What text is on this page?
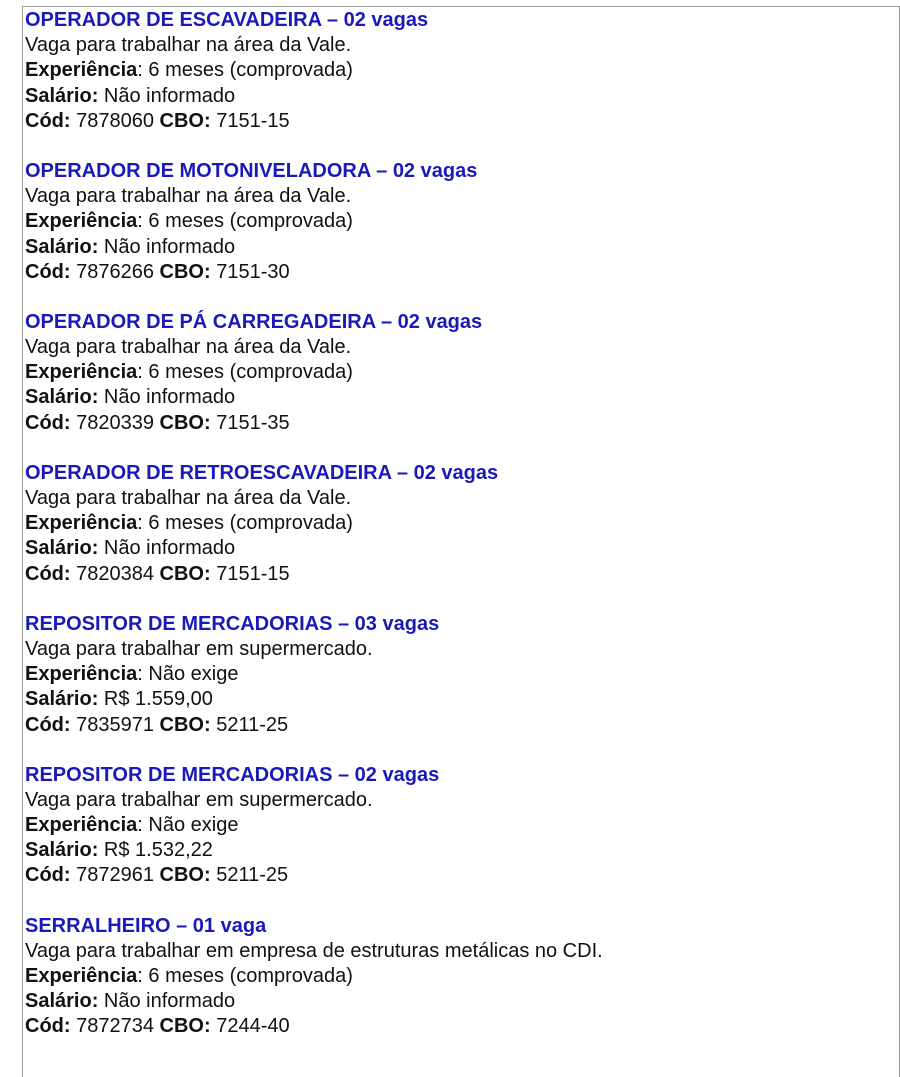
OPERADOR DE ESCAVADEIRA – 02 vagas
Vaga para trabalhar na área da Vale.
Experiência: 6 meses (comprovada)
Salário: Não informado
Cód: 7878060 CBO: 7151-15
OPERADOR DE MOTONIVELADORA – 02 vagas
Vaga para trabalhar na área da Vale.
Experiência: 6 meses (comprovada)
Salário: Não informado
Cód: 7876266 CBO: 7151-30
OPERADOR DE PÁ CARREGADEIRA – 02 vagas
Vaga para trabalhar na área da Vale.
Experiência: 6 meses (comprovada)
Salário: Não informado
Cód: 7820339 CBO: 7151-35
OPERADOR DE RETROESCAVADEIRA – 02 vagas
Vaga para trabalhar na área da Vale.
Experiência: 6 meses (comprovada)
Salário: Não informado
Cód: 7820384 CBO: 7151-15
REPOSITOR DE MERCADORIAS – 03 vagas
Vaga para trabalhar em supermercado.
Experiência: Não exige
Salário: R$ 1.559,00
Cód: 7835971 CBO: 5211-25
REPOSITOR DE MERCADORIAS – 02 vagas
Vaga para trabalhar em supermercado.
Experiência: Não exige
Salário: R$ 1.532,22
Cód: 7872961 CBO: 5211-25
SERRALHEIRO – 01 vaga
Vaga para trabalhar em empresa de estruturas metálicas no CDI.
Experiência: 6 meses (comprovada)
Salário: Não informado
Cód: 7872734 CBO: 7244-40
